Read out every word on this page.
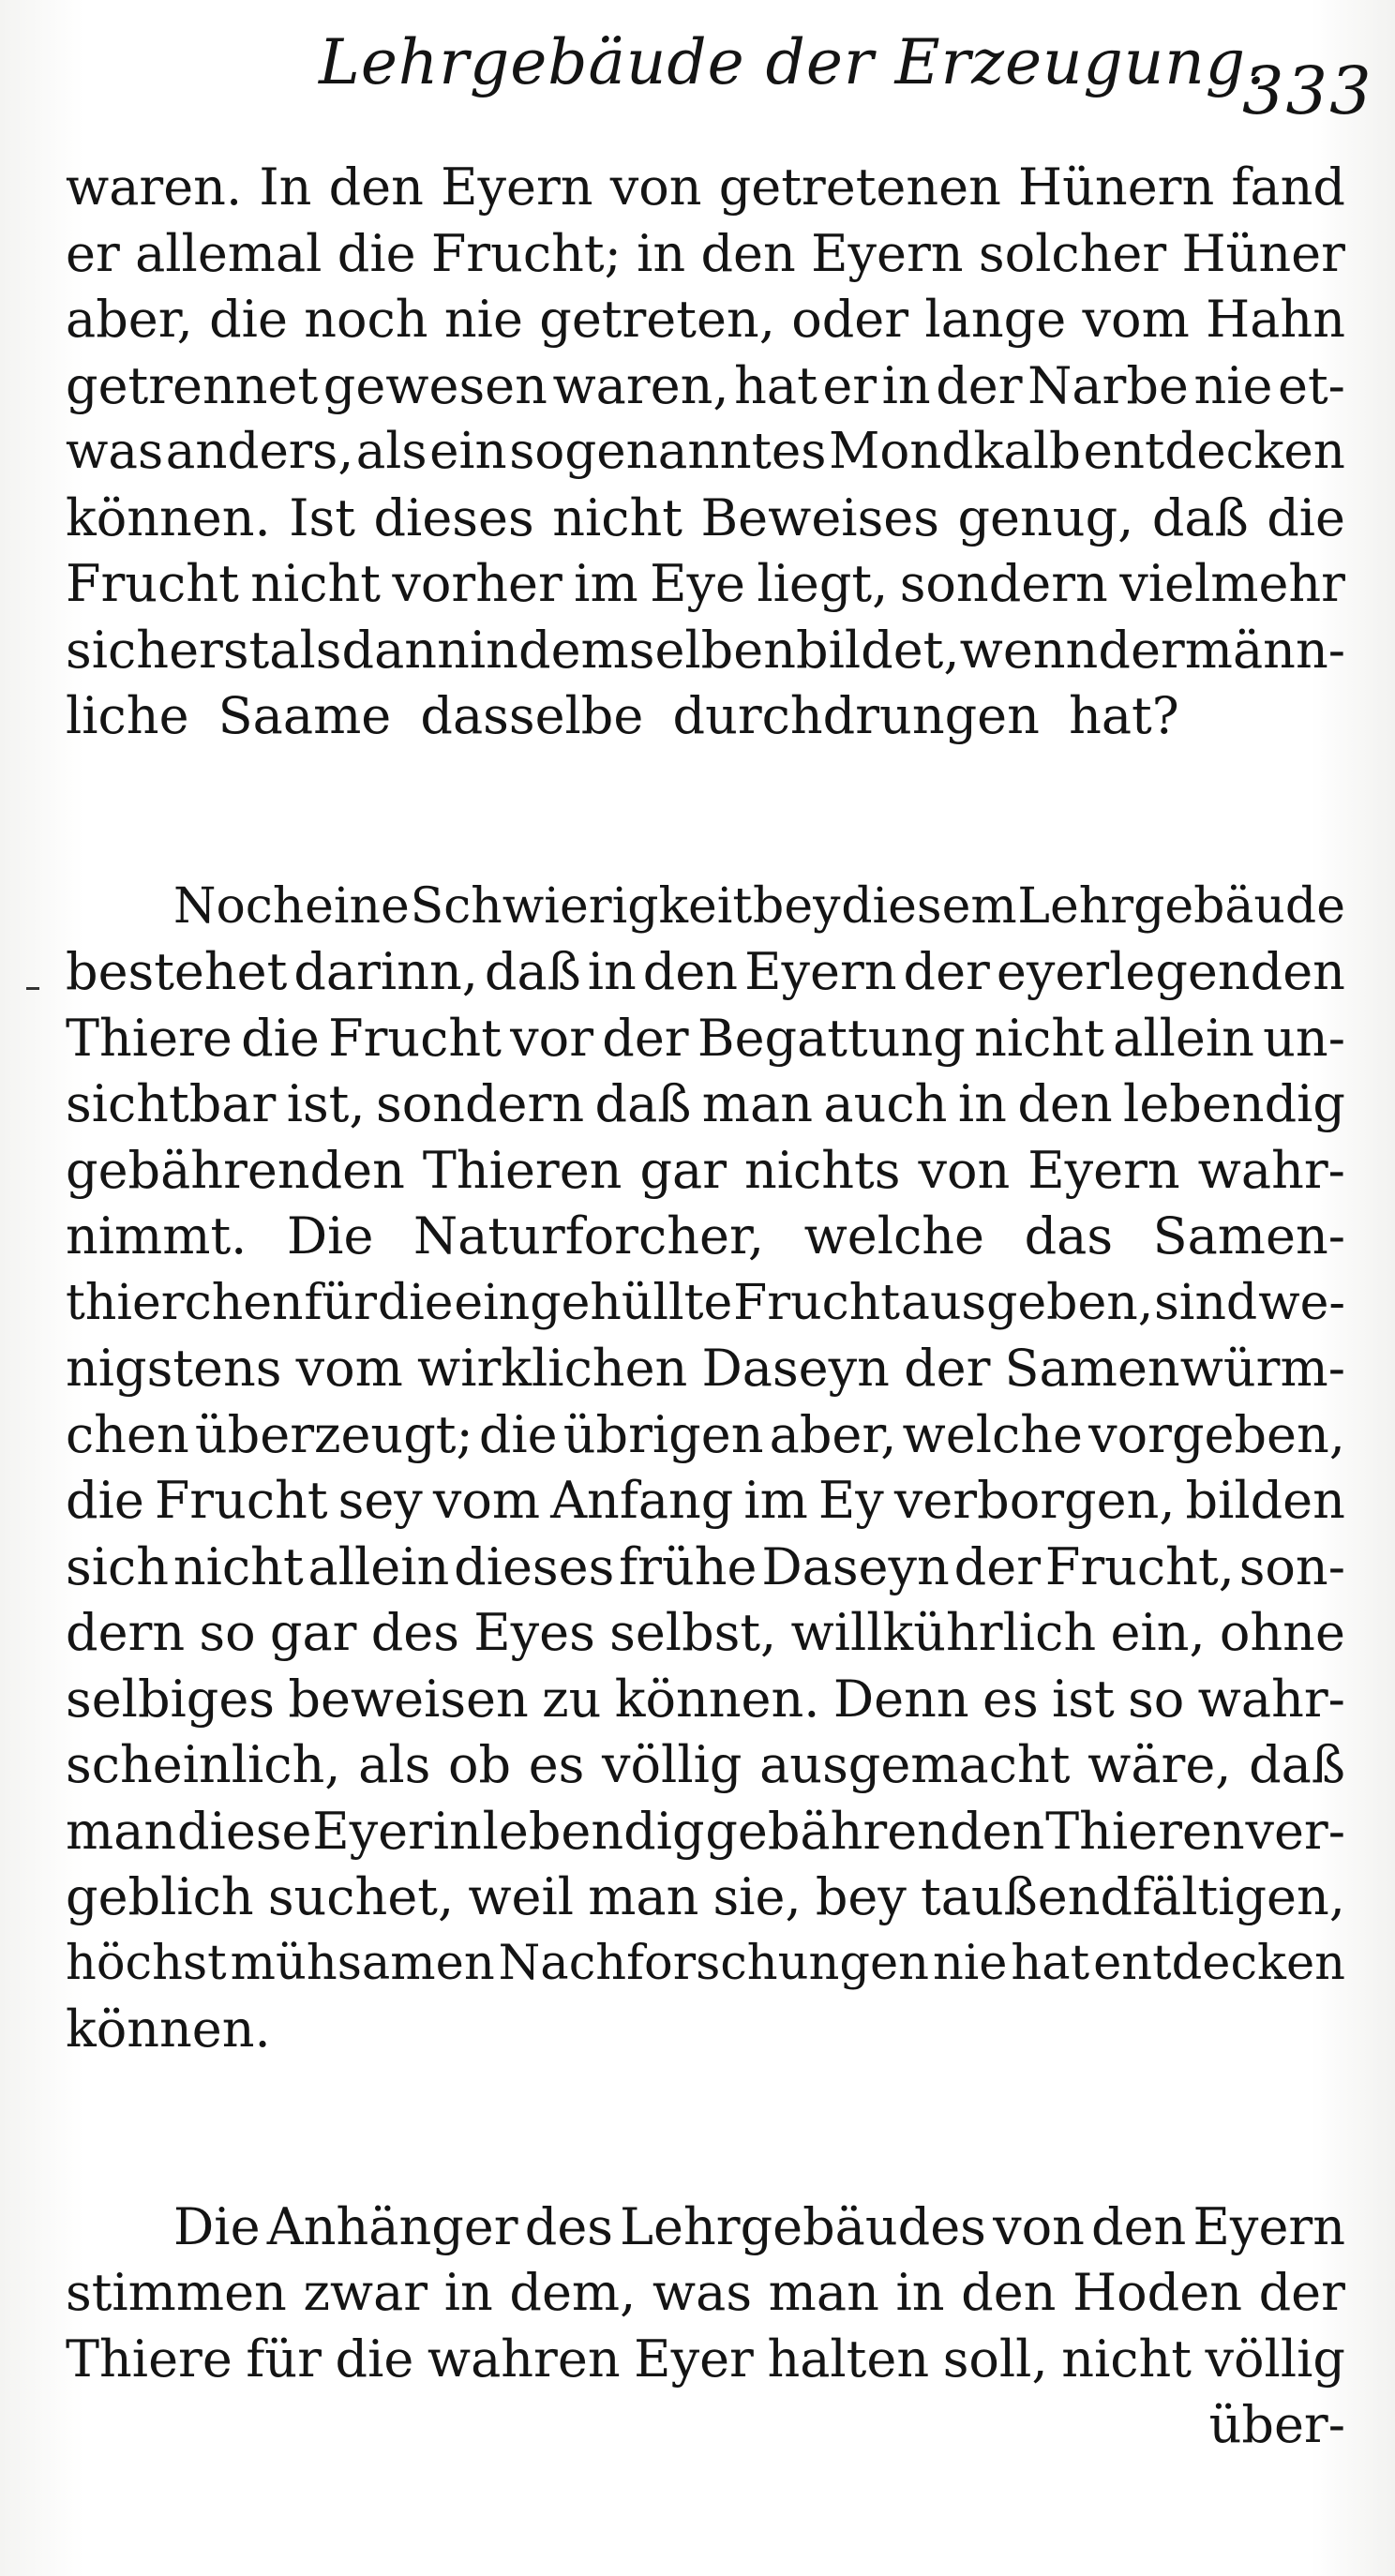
Lehrgebäude der Erzeugung.
333
waren. In den Eyern von getretenen Hünern fand
er allemal die Frucht; in den Eyern solcher Hüner
aber, die noch nie getreten, oder lange vom Hahn
getrennet gewesen waren, hat er in der Narbe nie et-
was anders, als ein sogenanntes Mondkalb entdecken
können. Ist dieses nicht Beweises genug, daß die
Frucht nicht vorher im Eye liegt, sondern vielmehr
sich erst als dann in demselben bildet, wenn der männ-
liche Saame dasselbe durchdrungen hat?
Noch eine Schwierigkeit bey diesem Lehrgebäude
bestehet darinn, daß in den Eyern der eyerlegenden
Thiere die Frucht vor der Begattung nicht allein un-
sichtbar ist, sondern daß man auch in den lebendig
gebährenden Thieren gar nichts von Eyern wahr-
nimmt. Die Naturforcher, welche das Samen-
thierchen für die eingehüllte Frucht ausgeben, sind we-
nigstens vom wirklichen Daseyn der Samenwürm-
chen überzeugt; die übrigen aber, welche vorgeben,
die Frucht sey vom Anfang im Ey verborgen, bilden
sich nicht allein dieses frühe Daseyn der Frucht, son-
dern so gar des Eyes selbst, willkührlich ein, ohne
selbiges beweisen zu können. Denn es ist so wahr-
scheinlich, als ob es völlig ausgemacht wäre, daß
man diese Eyer in lebendig gebährenden Thieren ver-
geblich suchet, weil man sie, bey taußendfältigen,
höchst mühsamen Nachforschungen nie hat entdecken
können.
Die Anhänger des Lehrgebäudes von den Eyern
stimmen zwar in dem, was man in den Hoden der
Thiere für die wahren Eyer halten soll, nicht völlig
über-
